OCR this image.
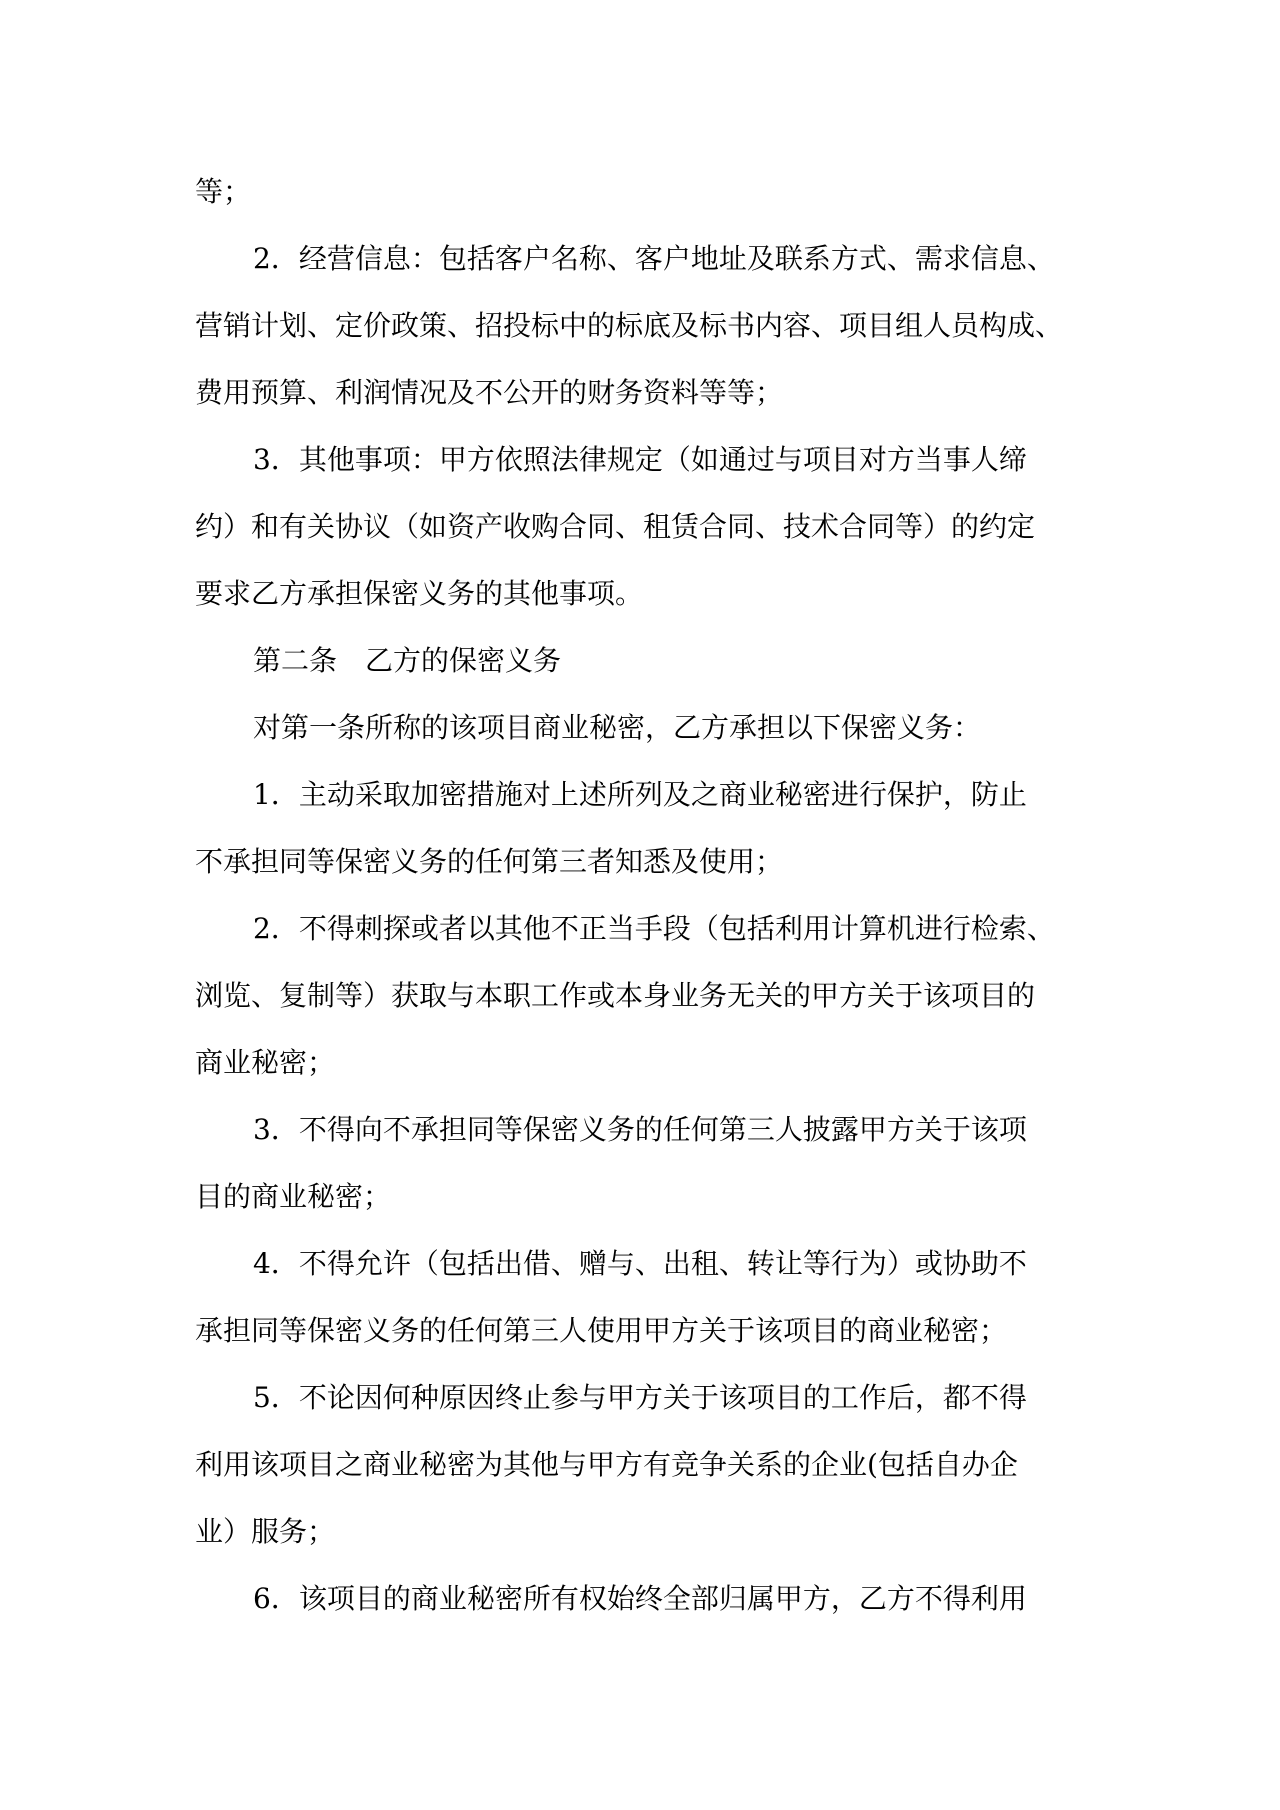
等；
2．经营信息：包括客户名称、客户地址及联系方式、需求信息、
营销计划、定价政策、招投标中的标底及标书内容、项目组人员构成、
费用预算、利润情况及不公开的财务资料等等；
3．其他事项：甲方依照法律规定（如通过与项目对方当事人缔
约）和有关协议（如资产收购合同、租赁合同、技术合同等）的约定
要求乙方承担保密义务的其他事项。
第二条　乙方的保密义务
对第一条所称的该项目商业秘密，乙方承担以下保密义务：
1．主动采取加密措施对上述所列及之商业秘密进行保护，防止
不承担同等保密义务的任何第三者知悉及使用；
2．不得刺探或者以其他不正当手段（包括利用计算机进行检索、
浏览、复制等）获取与本职工作或本身业务无关的甲方关于该项目的
商业秘密；
3．不得向不承担同等保密义务的任何第三人披露甲方关于该项
目的商业秘密；
4．不得允许（包括出借、赠与、出租、转让等行为）或协助不
承担同等保密义务的任何第三人使用甲方关于该项目的商业秘密；
5．不论因何种原因终止参与甲方关于该项目的工作后，都不得
利用该项目之商业秘密为其他与甲方有竞争关系的企业(包括自办企
业）服务；
6．该项目的商业秘密所有权始终全部归属甲方，乙方不得利用
